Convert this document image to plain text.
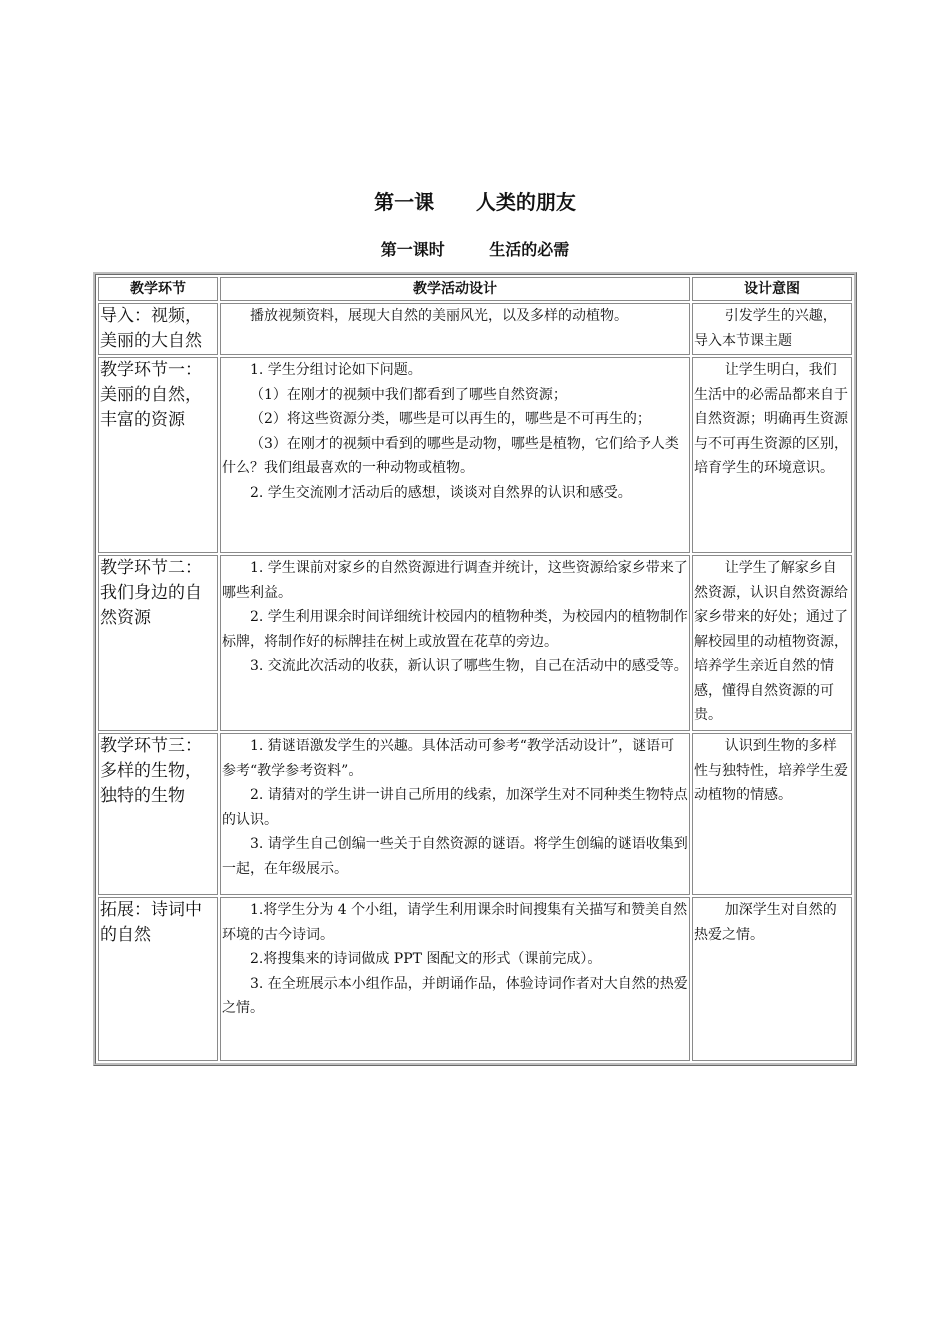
第一课      人类的朋友
第一课时        生活的必需
教学环节	教学活动设计	设计意图
导入：视频，美丽的大自然	播放视频资料，展现大自然的美丽风光，以及多样的动植物。	引发学生的兴趣，导入本节课主题

教学环节一：美丽的自然，丰富的资源	1. 学生分组讨论如下问题。

（1）在刚才的视频中我们都看到了哪些自然资源；

（2）将这些资源分类，哪些是可以再生的，哪些是不可再生的；

（3）在刚才的视频中看到的哪些是动物，哪些是植物，它们给予人类什么？我们组最喜欢的一种动物或植物。

2. 学生交流刚才活动后的感想，谈谈对自然界的认识和感受。	让学生明白，我们生活中的必需品都来自于自然资源；明确再生资源与不可再生资源的区别，培育学生的环境意识。

教学环节二：我们身边的自然资源	1. 学生课前对家乡的自然资源进行调查并统计，这些资源给家乡带来了哪些利益。

2. 学生利用课余时间详细统计校园内的植物种类，为校园内的植物制作标牌，将制作好的标牌挂在树上或放置在花草的旁边。

3. 交流此次活动的收获，新认识了哪些生物，自己在活动中的感受等。	让学生了解家乡自然资源，认识自然资源给家乡带来的好处；通过了解校园里的动植物资源，培养学生亲近自然的情感，懂得自然资源的可贵。

教学环节三：多样的生物，独特的生物	1. 猜谜语激发学生的兴趣。具体活动可参考“教学活动设计”，谜语可参考“教学参考资料”。

2. 请猜对的学生讲一讲自己所用的线索，加深学生对不同种类生物特点的认识。

3. 请学生自己创编一些关于自然资源的谜语。将学生创编的谜语收集到一起，在年级展示。	认识到生物的多样性与独特性，培养学生爱动植物的情感。

拓展：诗词中的自然	1.将学生分为 4 个小组，请学生利用课余时间搜集有关描写和赞美自然环境的古今诗词。

2.将搜集来的诗词做成 PPT 图配文的形式（课前完成）。

3. 在全班展示本小组作品，并朗诵作品，体验诗词作者对大自然的热爱之情。	加深学生对自然的热爱之情。
